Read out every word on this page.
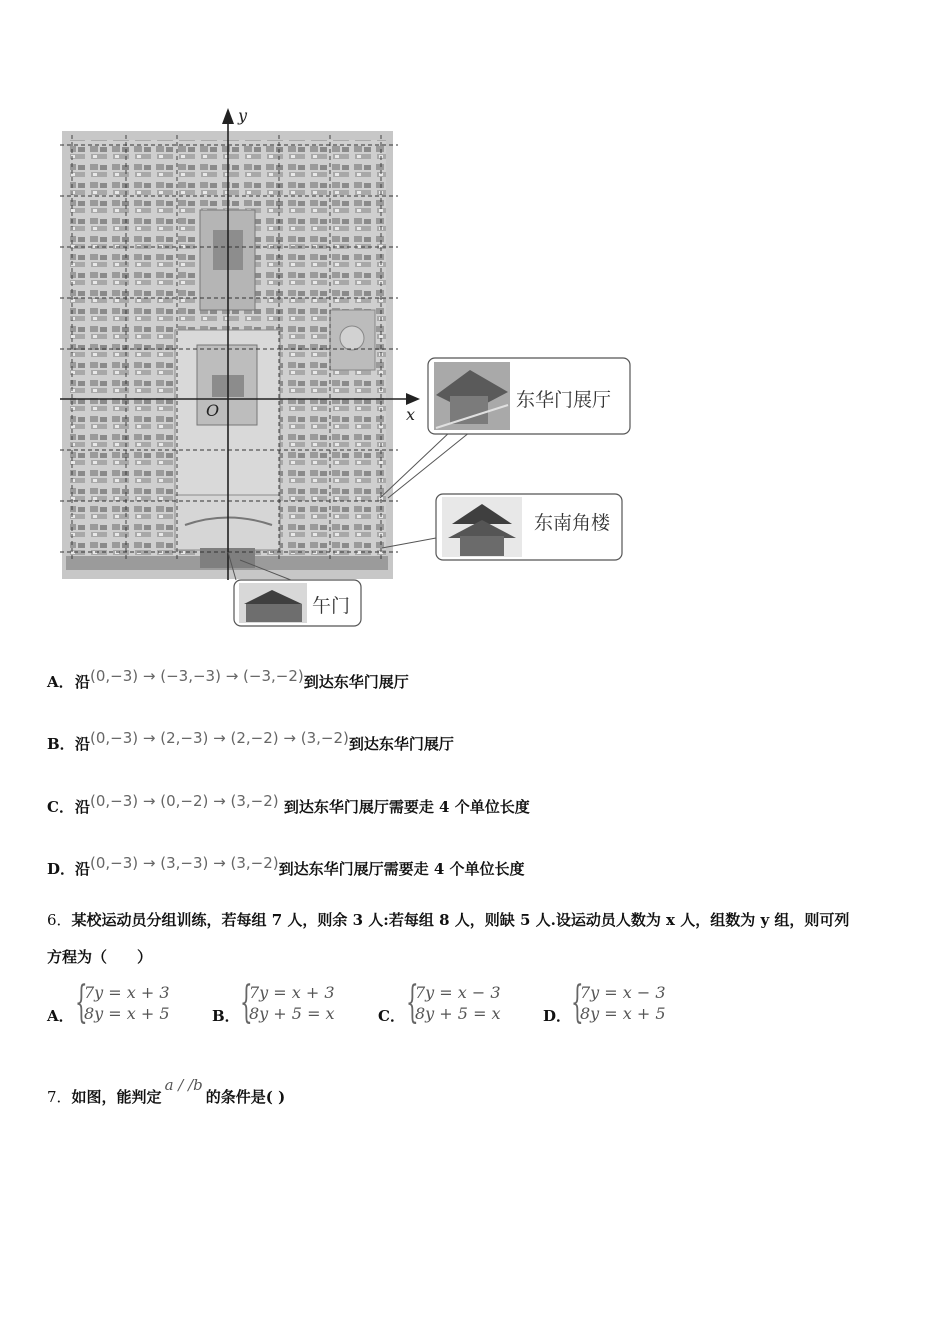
x
y
O	东华门展厅
东南角楼
午门
A．沿(0,−3) → (−3,−3) → (−3,−2)到达东华门展厅
B．沿(0,−3) → (2,−3) → (2,−2) → (3,−2)到达东华门展厅
C．沿(0,−3) → (0,−2) → (3,−2) 到达东华门展厅需要走 4 个单位长度
D．沿(0,−3) → (3,−3) → (3,−2)到达东华门展厅需要走 4 个单位长度
6．某校运动员分组训练，若每组 7 人，则余 3 人:若每组 8 人，则缺 5 人.设运动员人数为 x 人，组数为 y 组，则可列
方程为（　　）
A． {
7y = x + 3
8y = x + 5	B． {
7y = x + 3
8y + 5 = x	C． {
7y = x − 3
8y + 5 = x	D． {
7y = x − 3
8y = x + 5
7．如图，能判定a / /b的条件是( )
